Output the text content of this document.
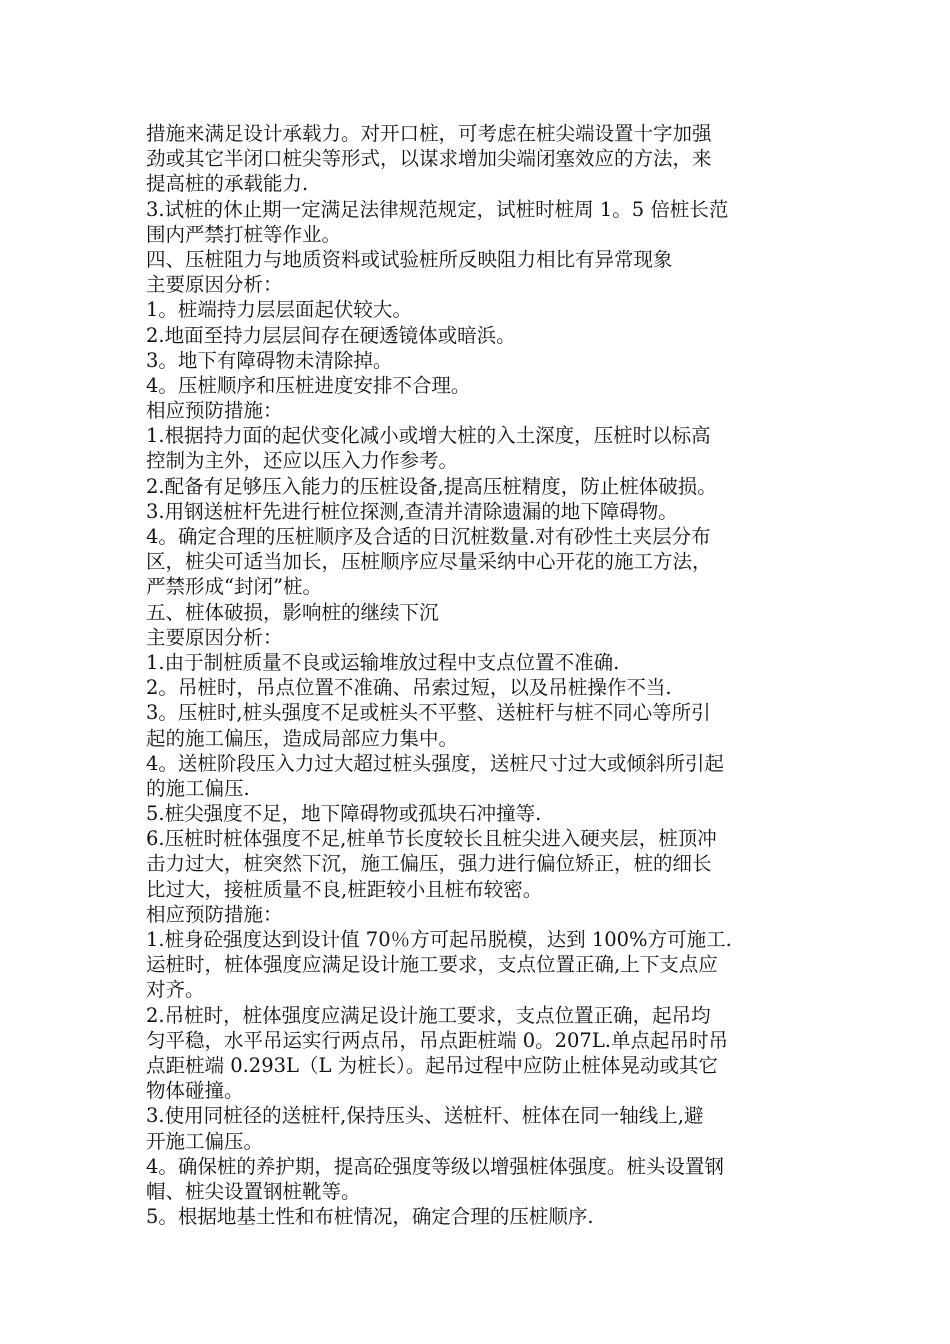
措施来满足设计承载力。对开口桩，可考虑在桩尖端设置十字加强
劲或其它半闭口桩尖等形式，以谋求增加尖端闭塞效应的方法，来
提高桩的承载能力.
3.试桩的休止期一定满足法律规范规定，试桩时桩周 1。5 倍桩长范
围内严禁打桩等作业。
四、压桩阻力与地质资料或试验桩所反映阻力相比有异常现象
主要原因分析：
1。桩端持力层层面起伏较大。
2.地面至持力层层间存在硬透镜体或暗浜。
3。地下有障碍物未清除掉。
4。压桩顺序和压桩进度安排不合理。
相应预防措施：
1.根据持力面的起伏变化减小或增大桩的入土深度，压桩时以标高
控制为主外，还应以压入力作参考。
2.配备有足够压入能力的压桩设备,提高压桩精度，防止桩体破损。
3.用钢送桩杆先进行桩位探测,查清并清除遗漏的地下障碍物。
4。确定合理的压桩顺序及合适的日沉桩数量.对有砂性土夹层分布
区，桩尖可适当加长，压桩顺序应尽量采纳中心开花的施工方法，
严禁形成“封闭”桩。
五、桩体破损，影响桩的继续下沉
主要原因分析：
1.由于制桩质量不良或运输堆放过程中支点位置不准确.
2。吊桩时，吊点位置不准确、吊索过短，以及吊桩操作不当.
3。压桩时,桩头强度不足或桩头不平整、送桩杆与桩不同心等所引
起的施工偏压，造成局部应力集中。
4。送桩阶段压入力过大超过桩头强度，送桩尺寸过大或倾斜所引起
的施工偏压.
5.桩尖强度不足，地下障碍物或孤块石冲撞等.
6.压桩时桩体强度不足,桩单节长度较长且桩尖进入硬夹层，桩顶冲
击力过大，桩突然下沉，施工偏压，强力进行偏位矫正，桩的细长
比过大，接桩质量不良,桩距较小且桩布较密。
相应预防措施：
1.桩身砼强度达到设计值 70％方可起吊脱模，达到 100%方可施工.
运桩时，桩体强度应满足设计施工要求，支点位置正确,上下支点应
对齐。
2.吊桩时，桩体强度应满足设计施工要求，支点位置正确，起吊均
匀平稳，水平吊运实行两点吊，吊点距桩端 0。207L.单点起吊时吊
点距桩端 0.293L（L 为桩长）。起吊过程中应防止桩体晃动或其它
物体碰撞。
3.使用同桩径的送桩杆,保持压头、送桩杆、桩体在同一轴线上,避
开施工偏压。
4。确保桩的养护期，提高砼强度等级以增强桩体强度。桩头设置钢
帽、桩尖设置钢桩靴等。
5。根据地基土性和布桩情况，确定合理的压桩顺序.
